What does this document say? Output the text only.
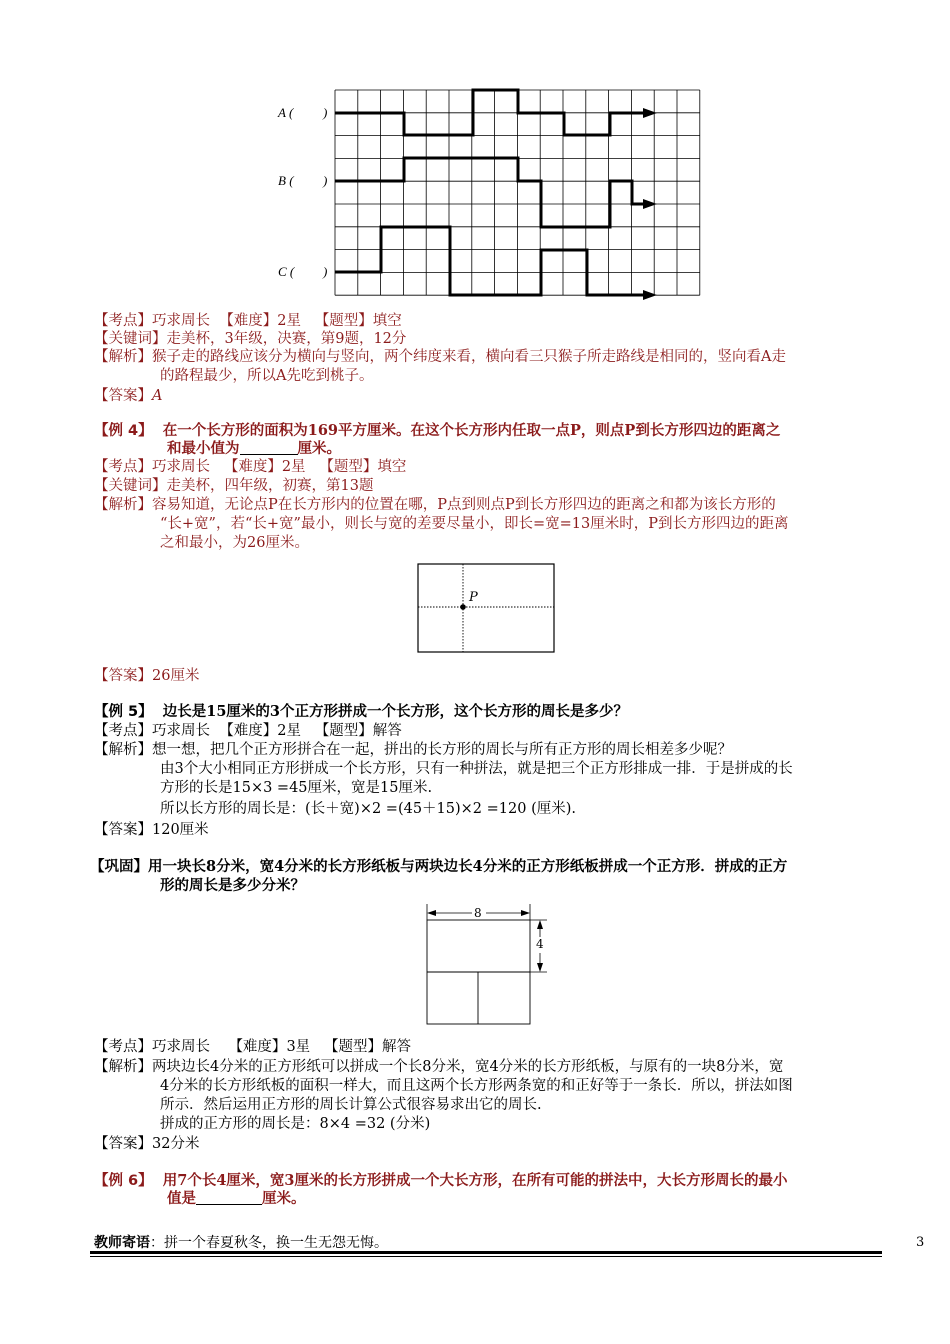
A ( )
B ( )
C ( )
【考点】巧求周长 【难度】2星 【题型】填空
【关键词】走美杯，3年级，决赛，第9题，12分
【解析】猴子走的路线应该分为横向与竖向，两个纬度来看，横向看三只猴子所走路线是相同的，竖向看A走
的路程最少，所以A先吃到桃子。
【答案】A
【例 4】 在一个长方形的面积为169平方厘米。在这个长方形内任取一点P，则点P到长方形四边的距离之
和最小值为	厘米。
【考点】巧求周长 【难度】2星 【题型】填空
【关键词】走美杯，四年级，初赛，第13题
【解析】容易知道，无论点P在长方形内的位置在哪，P点到则点P到长方形四边的距离之和都为该长方形的
“长+宽”，若“长+宽”最小，则长与宽的差要尽量小，即长=宽=13厘米时，P到长方形四边的距离
之和最小，为26厘米。
P
【答案】26厘米
【例 5】 边长是15厘米的3个正方形拼成一个长方形，这个长方形的周长是多少？
【考点】巧求周长 【难度】2星 【题型】解答
【解析】想一想，把几个正方形拼合在一起，拼出的长方形的周长与所有正方形的周长相差多少呢？
由3个大小相同正方形拼成一个长方形，只有一种拼法，就是把三个正方形排成一排．于是拼成的长
方形的长是15×3 =45厘米，宽是15厘米.
所以长方形的周长是：(长＋宽)×2 =(45＋15)×2 =120 (厘米).
【答案】120厘米
【巩固】用一块长8分米，宽4分米的长方形纸板与两块边长4分米的正方形纸板拼成一个正方形．拼成的正方
形的周长是多少分米？
8
4
【考点】巧求周长 【难度】3星 【题型】解答
【解析】两块边长4分米的正方形纸可以拼成一个长8分米，宽4分米的长方形纸板，与原有的一块8分米，宽
4分米的长方形纸板的面积一样大，而且这两个长方形两条宽的和正好等于一条长．所以，拼法如图
所示．然后运用正方形的周长计算公式很容易求出它的周长.
拼成的正方形的周长是：8×4 =32 (分米)
【答案】32分米
【例 6】 用7个长4厘米，宽3厘米的长方形拼成一个大长方形，在所有可能的拼法中，大长方形周长的最小
值是	厘米。
教师寄语：拼一个春夏秋冬，换一生无怨无悔。	3
